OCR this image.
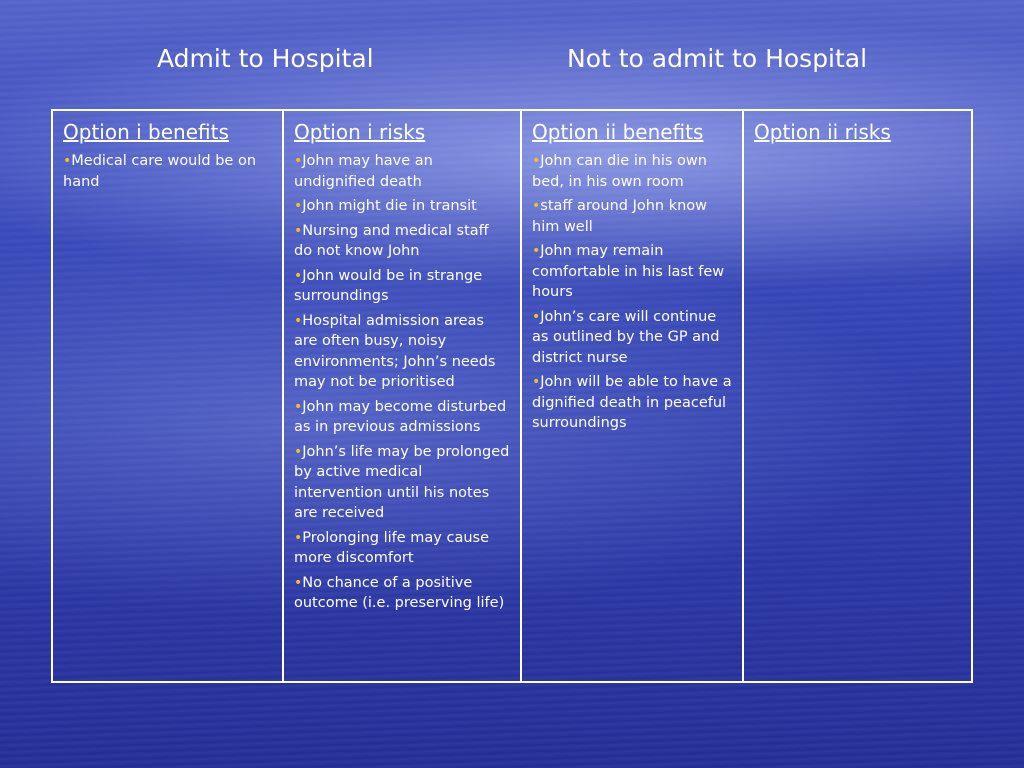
Admit to Hospital	Not to admit to Hospital
Option i benefits
•Medical care would be on hand
Option i risks
•John may have an undignified death
•John might die in transit
•Nursing and medical staff do not know John
•John would be in strange surroundings
•Hospital admission areas are often busy, noisy environments; John’s needs may not be prioritised
•John may become disturbed as in previous admissions
•John’s life may be prolonged by active medical intervention until his notes are received
•Prolonging life may cause more discomfort
•No chance of a positive outcome (i.e. preserving life)
Option ii benefits
•John can die in his own bed, in his own room
•staff around John know him well
•John may remain comfortable in his last few hours
•John’s care will continue as outlined by the GP and district nurse
•John will be able to have a dignified death in peaceful surroundings
Option ii risks
